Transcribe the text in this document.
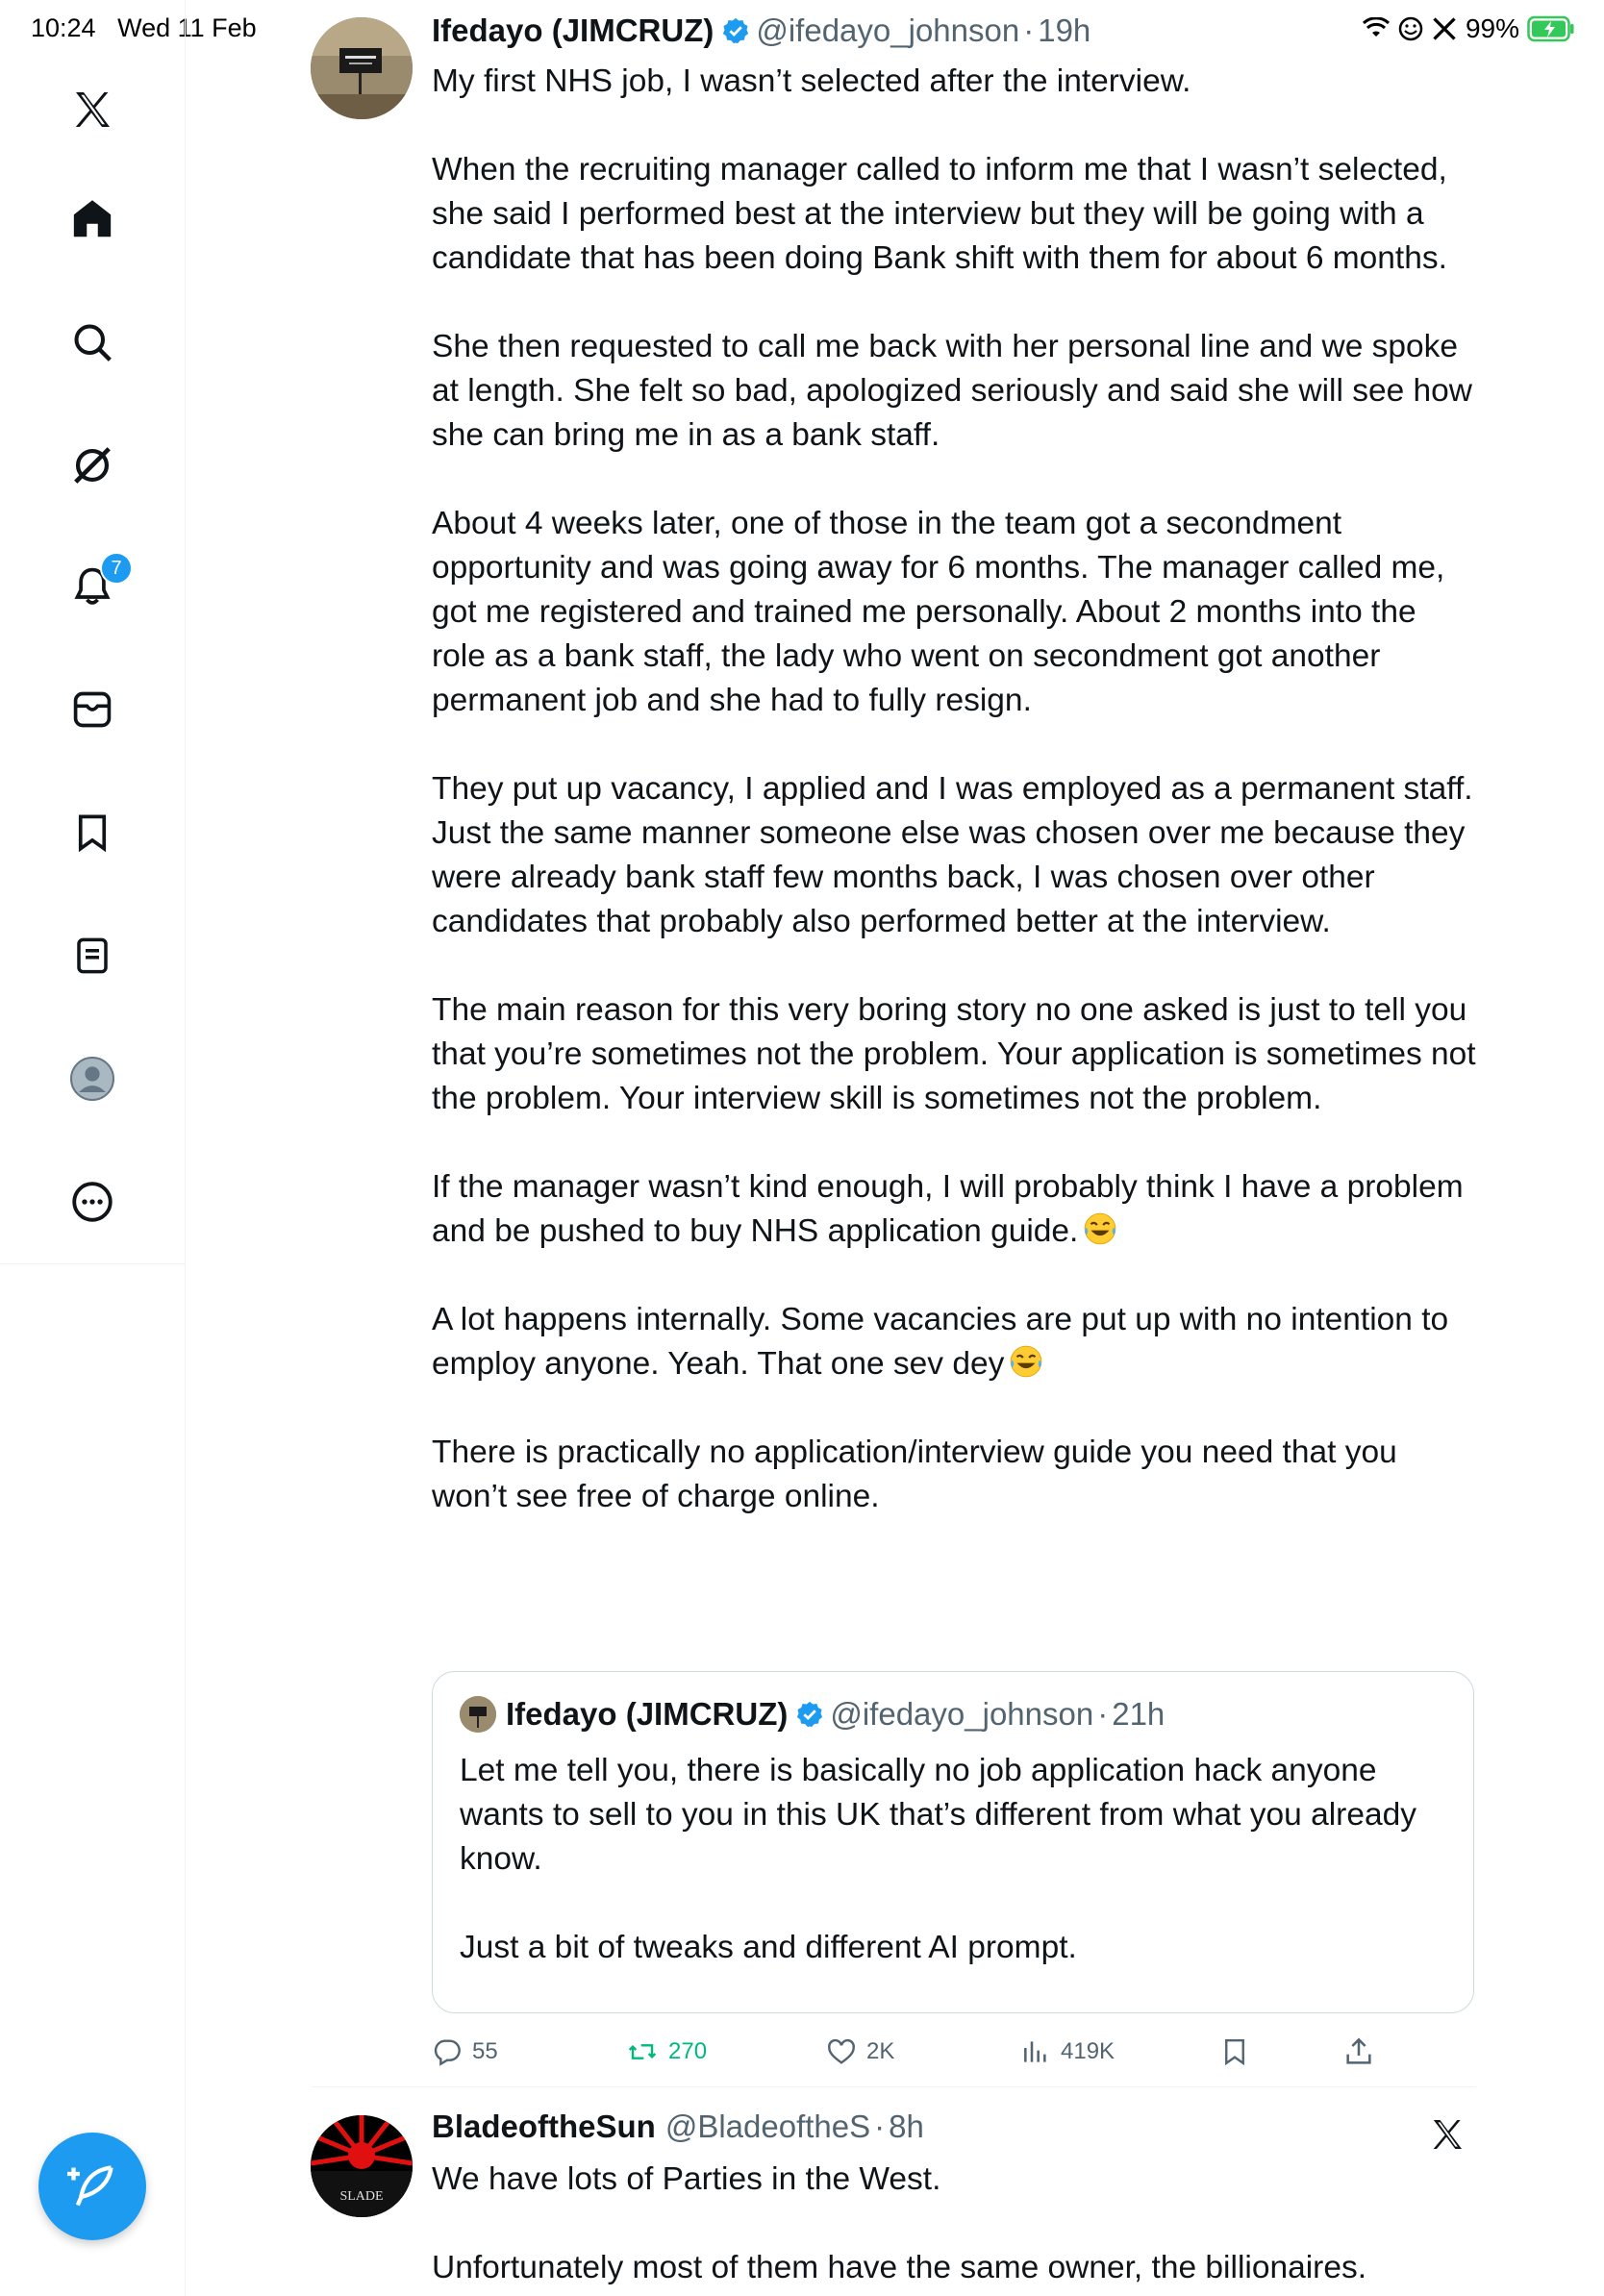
10:24 Wed 11 Feb	99%
7
Ifedayo (JIMCRUZ) @ifedayo_johnson · 19h

My first NHS job, I wasn’t selected after the interview.

When the recruiting manager called to inform me that I wasn’t selected, she said I performed best at the interview but they will be going with a candidate that has been doing Bank shift with them for about 6 months.

She then requested to call me back with her personal line and we spoke at length. She felt so bad, apologized seriously and said she will see how she can bring me in as a bank staff.

About 4 weeks later, one of those in the team got a secondment opportunity and was going away for 6 months. The manager called me, got me registered and trained me personally. About 2 months into the role as a bank staff, the lady who went on secondment got another permanent job and she had to fully resign.

They put up vacancy, I applied and I was employed as a permanent staff. Just the same manner someone else was chosen over me because they were already bank staff few months back, I was chosen over other candidates that probably also performed better at the interview.

The main reason for this very boring story no one asked is just to tell you that you’re sometimes not the problem. Your application is sometimes not the problem. Your interview skill is sometimes not the problem.

If the manager wasn’t kind enough, I will probably think I have a problem and be pushed to buy NHS application guide.

A lot happens internally. Some vacancies are put up with no intention to employ anyone. Yeah. That one sev dey

There is practically no application/interview guide you need that you won’t see free of charge online.

Ifedayo (JIMCRUZ) @ifedayo_johnson · 21h

Let me tell you, there is basically no job application hack anyone wants to sell to you in this UK that’s different from what you already know.

Just a bit of tweaks and different AI prompt.

55	270	2K	419K
SLADE
BladeoftheSun @BladeoftheS · 8h

We have lots of Parties in the West.

Unfortunately most of them have the same owner, the billionaires.
